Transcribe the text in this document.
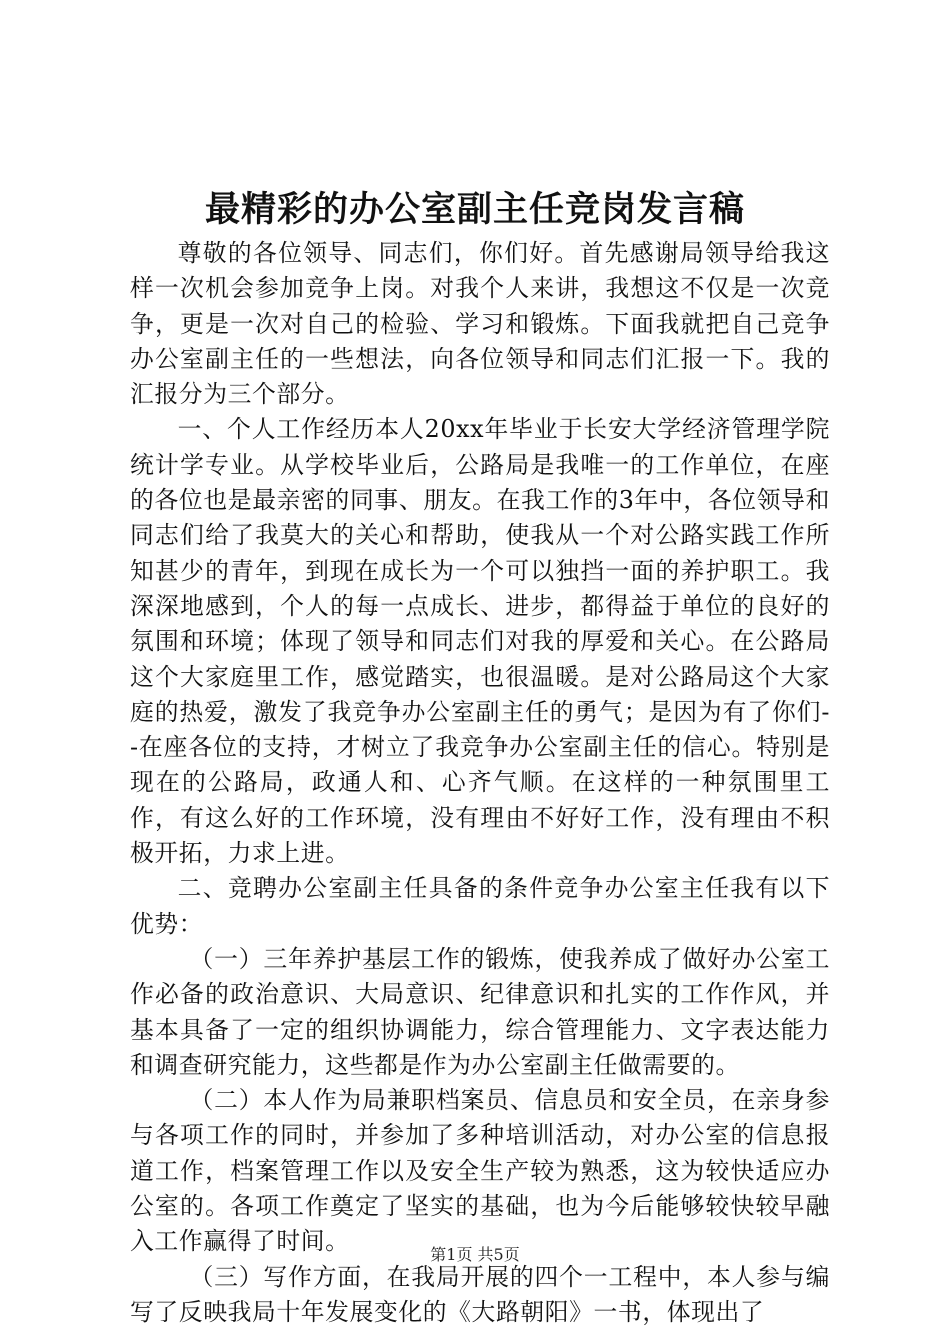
最精彩的办公室副主任竞岗发言稿

尊敬的各位领导、同志们，你们好。首先感谢局领导给我这样一次机会参加竞争上岗。对我个人来讲，我想这不仅是一次竞争，更是一次对自己的检验、学习和锻炼。下面我就把自己竞争办公室副主任的一些想法，向各位领导和同志们汇报一下。我的汇报分为三个部分。

一、个人工作经历本人20xx年毕业于长安大学经济管理学院统计学专业。从学校毕业后，公路局是我唯一的工作单位，在座的各位也是最亲密的同事、朋友。在我工作的3年中，各位领导和同志们给了我莫大的关心和帮助，使我从一个对公路实践工作所知甚少的青年，到现在成长为一个可以独挡一面的养护职工。我深深地感到，个人的每一点成长、进步，都得益于单位的良好的氛围和环境；体现了领导和同志们对我的厚爱和关心。在公路局这个大家庭里工作，感觉踏实，也很温暖。是对公路局这个大家庭的热爱，激发了我竞争办公室副主任的勇气；是因为有了你们--在座各位的支持，才树立了我竞争办公室副主任的信心。特别是现在的公路局，政通人和、心齐气顺。在这样的一种氛围里工作，有这么好的工作环境，没有理由不好好工作，没有理由不积极开拓，力求上进。

二、竞聘办公室副主任具备的条件竞争办公室主任我有以下优势：

（一）三年养护基层工作的锻炼，使我养成了做好办公室工作必备的政治意识、大局意识、纪律意识和扎实的工作作风，并基本具备了一定的组织协调能力，综合管理能力、文字表达能力和调查研究能力，这些都是作为办公室副主任做需要的。

（二）本人作为局兼职档案员、信息员和安全员，在亲身参与各项工作的同时，并参加了多种培训活动，对办公室的信息报道工作，档案管理工作以及安全生产较为熟悉，这为较快适应办公室的。各项工作奠定了坚实的基础，也为今后能够较快较早融入工作赢得了时间。

（三）写作方面，在我局开展的四个一工程中，本人参与编写了反映我局十年发展变化的《大路朝阳》一书，体现出了

第1页 共5页
